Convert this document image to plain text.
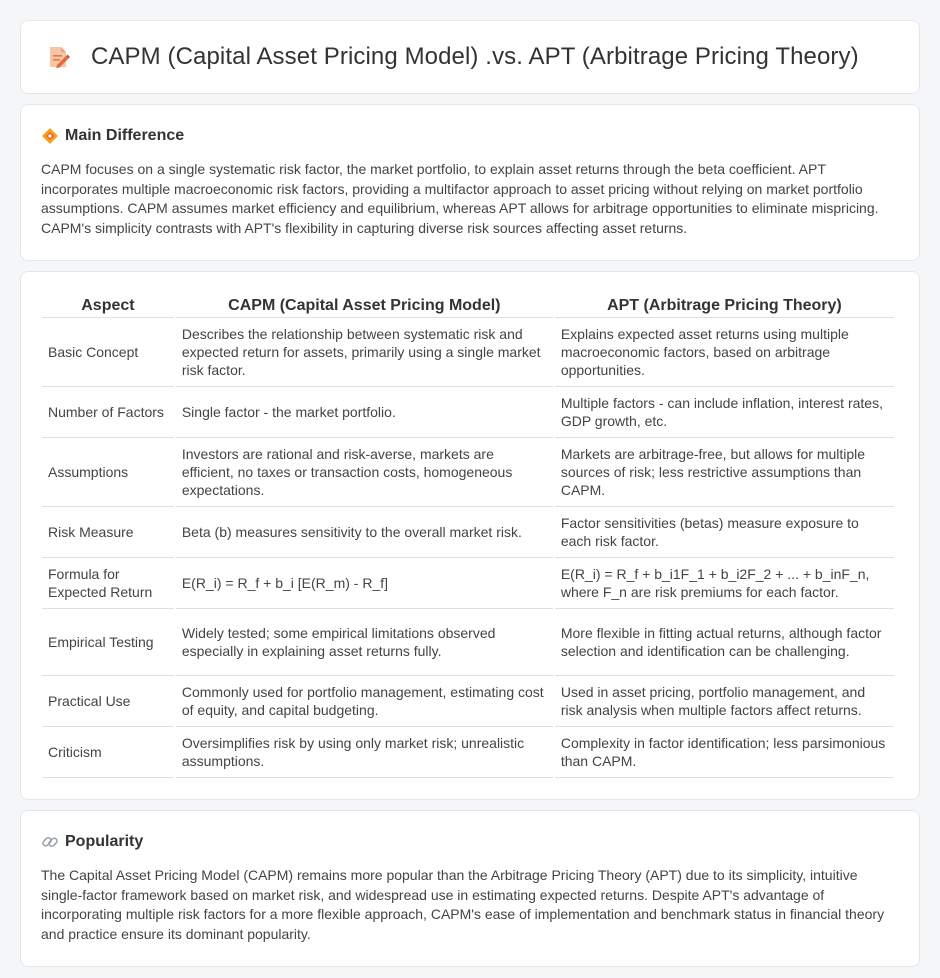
CAPM (Capital Asset Pricing Model) .vs. APT (Arbitrage Pricing Theory)
Main Difference

CAPM focuses on a single systematic risk factor, the market portfolio, to explain asset returns through the beta coefficient. APT incorporates multiple macroeconomic risk factors, providing a multifactor approach to asset pricing without relying on market portfolio assumptions. CAPM assumes market efficiency and equilibrium, whereas APT allows for arbitrage opportunities to eliminate mispricing. CAPM's simplicity contrasts with APT's flexibility in capturing diverse risk sources affecting asset returns.

Aspect	CAPM (Capital Asset Pricing Model)	APT (Arbitrage Pricing Theory)
Basic Concept	Describes the relationship between systematic risk and expected return for assets, primarily using a single market risk factor.	Explains expected asset returns using multiple macroeconomic factors, based on arbitrage opportunities.
Number of Factors	Single factor - the market portfolio.	Multiple factors - can include inflation, interest rates, GDP growth, etc.
Assumptions	Investors are rational and risk-averse, markets are efficient, no taxes or transaction costs, homogeneous expectations.	Markets are arbitrage-free, but allows for multiple sources of risk; less restrictive assumptions than CAPM.
Risk Measure	Beta (b) measures sensitivity to the overall market risk.	Factor sensitivities (betas) measure exposure to each risk factor.
Formula for Expected Return	E(R_i) = R_f + b_i [E(R_m) - R_f]	E(R_i) = R_f + b_i1F_1 + b_i2F_2 + ... + b_inF_n, where F_n are risk premiums for each factor.
Empirical Testing	Widely tested; some empirical limitations observed especially in explaining asset returns fully.	More flexible in fitting actual returns, although factor selection and identification can be challenging.
Practical Use	Commonly used for portfolio management, estimating cost of equity, and capital budgeting.	Used in asset pricing, portfolio management, and risk analysis when multiple factors affect returns.
Criticism	Oversimplifies risk by using only market risk; unrealistic assumptions.	Complexity in factor identification; less parsimonious than CAPM.
Popularity

The Capital Asset Pricing Model (CAPM) remains more popular than the Arbitrage Pricing Theory (APT) due to its simplicity, intuitive single-factor framework based on market risk, and widespread use in estimating expected returns. Despite APT's advantage of incorporating multiple risk factors for a more flexible approach, CAPM's ease of implementation and benchmark status in financial theory and practice ensure its dominant popularity.
